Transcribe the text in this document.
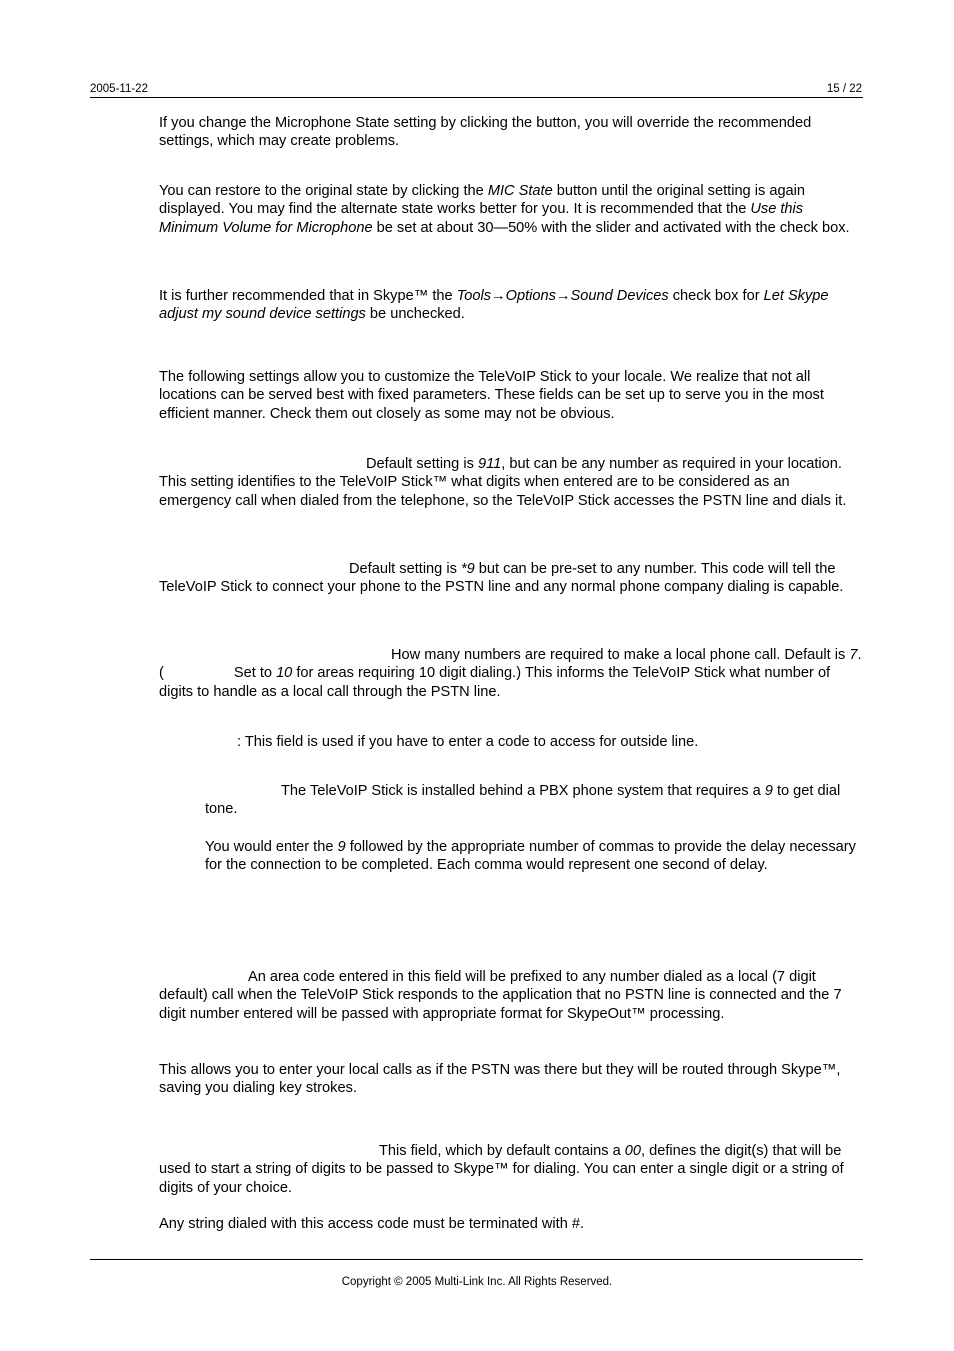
2005-11-22	15 / 22
If you change the Microphone State setting by clicking the button, you will override the recommended settings, which may create problems.
You can restore to the original state by clicking the MIC State button until the original setting is again displayed. You may find the alternate state works better for you. It is recommended that the Use this Minimum Volume for Microphone be set at about 30—50% with the slider and activated with the check box.
It is further recommended that in Skype™ the Tools→Options→Sound Devices check box for Let Skype adjust my sound device settings be unchecked.
The following settings allow you to customize the TeleVoIP Stick to your locale. We realize that not all locations can be served best with fixed parameters. These fields can be set up to serve you in the most efficient manner. Check them out closely as some may not be obvious.
Default setting is 911, but can be any number as required in your location. This setting identifies to the TeleVoIP Stick™ what digits when entered are to be considered as an emergency call when dialed from the telephone, so the TeleVoIP Stick accesses the PSTN line and dials it.
Default setting is *9 but can be pre-set to any number. This code will tell the TeleVoIP Stick to connect your phone to the PSTN line and any normal phone company dialing is capable.
How many numbers are required to make a local phone call. Default is 7. (	Set to 10 for areas requiring 10 digit dialing.) This informs the TeleVoIP Stick what number of digits to handle as a local call through the PSTN line.
: This field is used if you have to enter a code to access for outside line.
The TeleVoIP Stick is installed behind a PBX phone system that requires a 9 to get dial tone.
You would enter the 9 followed by the appropriate number of commas to provide the delay necessary for the connection to be completed. Each comma would represent one second of delay.
An area code entered in this field will be prefixed to any number dialed as a local (7 digit default) call when the TeleVoIP Stick responds to the application that no PSTN line is connected and the 7 digit number entered will be passed with appropriate format for SkypeOut™ processing.
This allows you to enter your local calls as if the PSTN was there but they will be routed through Skype™, saving you dialing key strokes.
This field, which by default contains a 00, defines the digit(s) that will be used to start a string of digits to be passed to Skype™ for dialing. You can enter a single digit or a string of digits of your choice.
Any string dialed with this access code must be terminated with #.
Copyright © 2005 Multi-Link Inc. All Rights Reserved.
